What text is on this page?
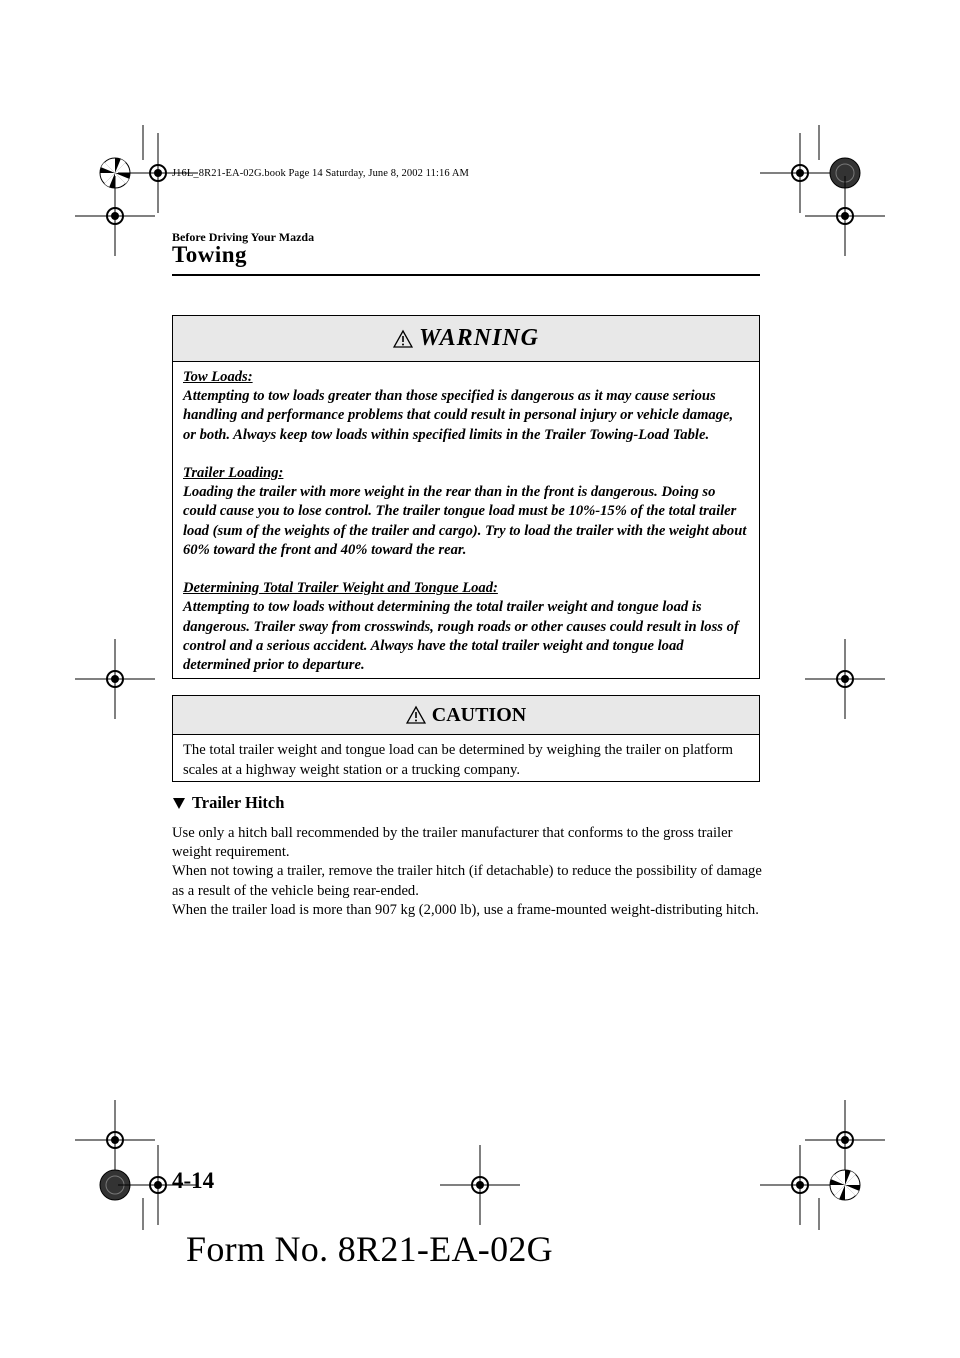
J16L_8R21-EA-02G.book Page 14 Saturday, June 8, 2002 11:16 AM
Before Driving Your Mazda
Towing
WARNING

Tow Loads:
Attempting to tow loads greater than those specified is dangerous as it may cause serious handling and performance problems that could result in personal injury or vehicle damage, or both. Always keep tow loads within specified limits in the Trailer Towing-Load Table.

Trailer Loading:
Loading the trailer with more weight in the rear than in the front is dangerous. Doing so could cause you to lose control. The trailer tongue load must be 10%-15% of the total trailer load (sum of the weights of the trailer and cargo). Try to load the trailer with the weight about 60% toward the front and 40% toward the rear.

Determining Total Trailer Weight and Tongue Load:
Attempting to tow loads without determining the total trailer weight and tongue load is dangerous. Trailer sway from crosswinds, rough roads or other causes could result in loss of control and a serious accident. Always have the total trailer weight and tongue load determined prior to departure.

CAUTION
The total trailer weight and tongue load can be determined by weighing the trailer on platform scales at a highway weight station or a trucking company.
Trailer Hitch

Use only a hitch ball recommended by the trailer manufacturer that conforms to the gross trailer weight requirement.

When not towing a trailer, remove the trailer hitch (if detachable) to reduce the possibility of damage as a result of the vehicle being rear-ended.

When the trailer load is more than 907 kg (2,000 lb), use a frame-mounted weight-distributing hitch.

4-14
Form No. 8R21-EA-02G
